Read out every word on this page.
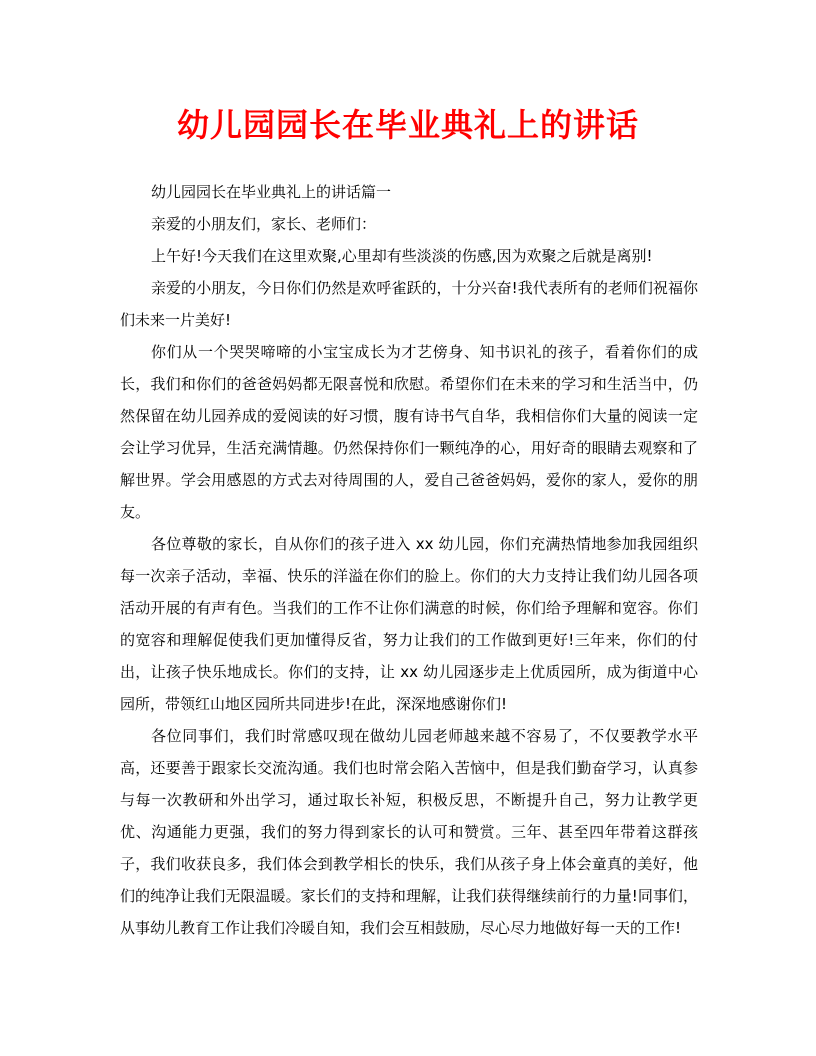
幼儿园园长在毕业典礼上的讲话

幼儿园园长在毕业典礼上的讲话篇一

亲爱的小朋友们，家长、老师们：

上午好!今天我们在这里欢聚,心里却有些淡淡的伤感,因为欢聚之后就是离别!

亲爱的小朋友，今日你们仍然是欢呼雀跃的，十分兴奋!我代表所有的老师们祝福你们未来一片美好!

你们从一个哭哭啼啼的小宝宝成长为才艺傍身、知书识礼的孩子，看着你们的成长，我们和你们的爸爸妈妈都无限喜悦和欣慰。希望你们在未来的学习和生活当中，仍然保留在幼儿园养成的爱阅读的好习惯，腹有诗书气自华，我相信你们大量的阅读一定会让学习优异，生活充满情趣。仍然保持你们一颗纯净的心，用好奇的眼睛去观察和了解世界。学会用感恩的方式去对待周围的人，爱自己爸爸妈妈，爱你的家人，爱你的朋友。

各位尊敬的家长，自从你们的孩子进入 xx 幼儿园，你们充满热情地参加我园组织每一次亲子活动，幸福、快乐的洋溢在你们的脸上。你们的大力支持让我们幼儿园各项活动开展的有声有色。当我们的工作不让你们满意的时候，你们给予理解和宽容。你们的宽容和理解促使我们更加懂得反省，努力让我们的工作做到更好!三年来，你们的付出，让孩子快乐地成长。你们的支持，让 xx 幼儿园逐步走上优质园所，成为街道中心园所，带领红山地区园所共同进步!在此，深深地感谢你们!

各位同事们，我们时常感叹现在做幼儿园老师越来越不容易了，不仅要教学水平高，还要善于跟家长交流沟通。我们也时常会陷入苦恼中，但是我们勤奋学习，认真参与每一次教研和外出学习，通过取长补短，积极反思，不断提升自己，努力让教学更优、沟通能力更强，我们的努力得到家长的认可和赞赏。三年、甚至四年带着这群孩子，我们收获良多，我们体会到教学相长的快乐，我们从孩子身上体会童真的美好，他们的纯净让我们无限温暖。家长们的支持和理解，让我们获得继续前行的力量!同事们，从事幼儿教育工作让我们冷暖自知，我们会互相鼓励，尽心尽力地做好每一天的工作!
